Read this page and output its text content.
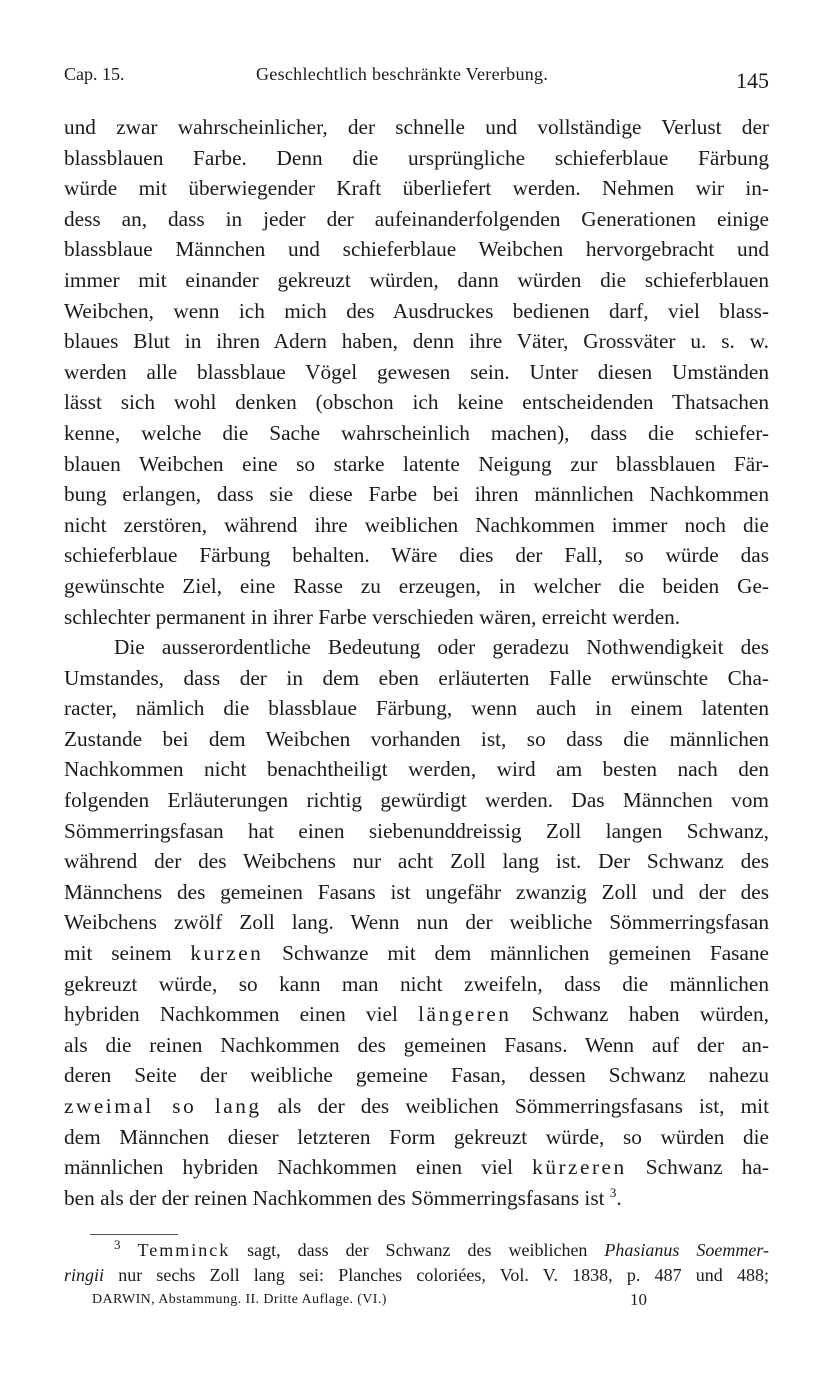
Cap. 15.	Geschlechtlich beschränkte Vererbung.	145
und zwar wahrscheinlicher, der schnelle und vollständige Verlust der
blassblauen Farbe. Denn die ursprüngliche schieferblaue Färbung
würde mit überwiegender Kraft überliefert werden. Nehmen wir in-
dess an, dass in jeder der aufeinanderfolgenden Generationen einige
blassblaue Männchen und schieferblaue Weibchen hervorgebracht und
immer mit einander gekreuzt würden, dann würden die schieferblauen
Weibchen, wenn ich mich des Ausdruckes bedienen darf, viel blass-
blaues Blut in ihren Adern haben, denn ihre Väter, Grossväter u. s. w.
werden alle blassblaue Vögel gewesen sein. Unter diesen Umständen
lässt sich wohl denken (obschon ich keine entscheidenden Thatsachen
kenne, welche die Sache wahrscheinlich machen), dass die schiefer-
blauen Weibchen eine so starke latente Neigung zur blassblauen Fär-
bung erlangen, dass sie diese Farbe bei ihren männlichen Nachkommen
nicht zerstören, während ihre weiblichen Nachkommen immer noch die
schieferblaue Färbung behalten. Wäre dies der Fall, so würde das
gewünschte Ziel, eine Rasse zu erzeugen, in welcher die beiden Ge-
schlechter permanent in ihrer Farbe verschieden wären, erreicht werden.
Die ausserordentliche Bedeutung oder geradezu Nothwendigkeit des
Umstandes, dass der in dem eben erläuterten Falle erwünschte Cha-
racter, nämlich die blassblaue Färbung, wenn auch in einem latenten
Zustande bei dem Weibchen vorhanden ist, so dass die männlichen
Nachkommen nicht benachtheiligt werden, wird am besten nach den
folgenden Erläuterungen richtig gewürdigt werden. Das Männchen vom
Sömmerringsfasan hat einen siebenunddreissig Zoll langen Schwanz,
während der des Weibchens nur acht Zoll lang ist. Der Schwanz des
Männchens des gemeinen Fasans ist ungefähr zwanzig Zoll und der des
Weibchens zwölf Zoll lang. Wenn nun der weibliche Sömmerringsfasan
mit seinem kurzen Schwanze mit dem männlichen gemeinen Fasane
gekreuzt würde, so kann man nicht zweifeln, dass die männlichen
hybriden Nachkommen einen viel längeren Schwanz haben würden,
als die reinen Nachkommen des gemeinen Fasans. Wenn auf der an-
deren Seite der weibliche gemeine Fasan, dessen Schwanz nahezu
zweimal so lang als der des weiblichen Sömmerringsfasans ist, mit
dem Männchen dieser letzteren Form gekreuzt würde, so würden die
männlichen hybriden Nachkommen einen viel kürzeren Schwanz ha-
ben als der der reinen Nachkommen des Sömmerringsfasans ist $^3$.
$^3$ Temminck sagt, dass der Schwanz des weiblichen Phasianus Soemmer-
ringii nur sechs Zoll lang sei: Planches coloriées, Vol. V. 1838, p. 487 und 488;
DARWIN, Abstammung. II. Dritte Auflage. (VI.)	10
